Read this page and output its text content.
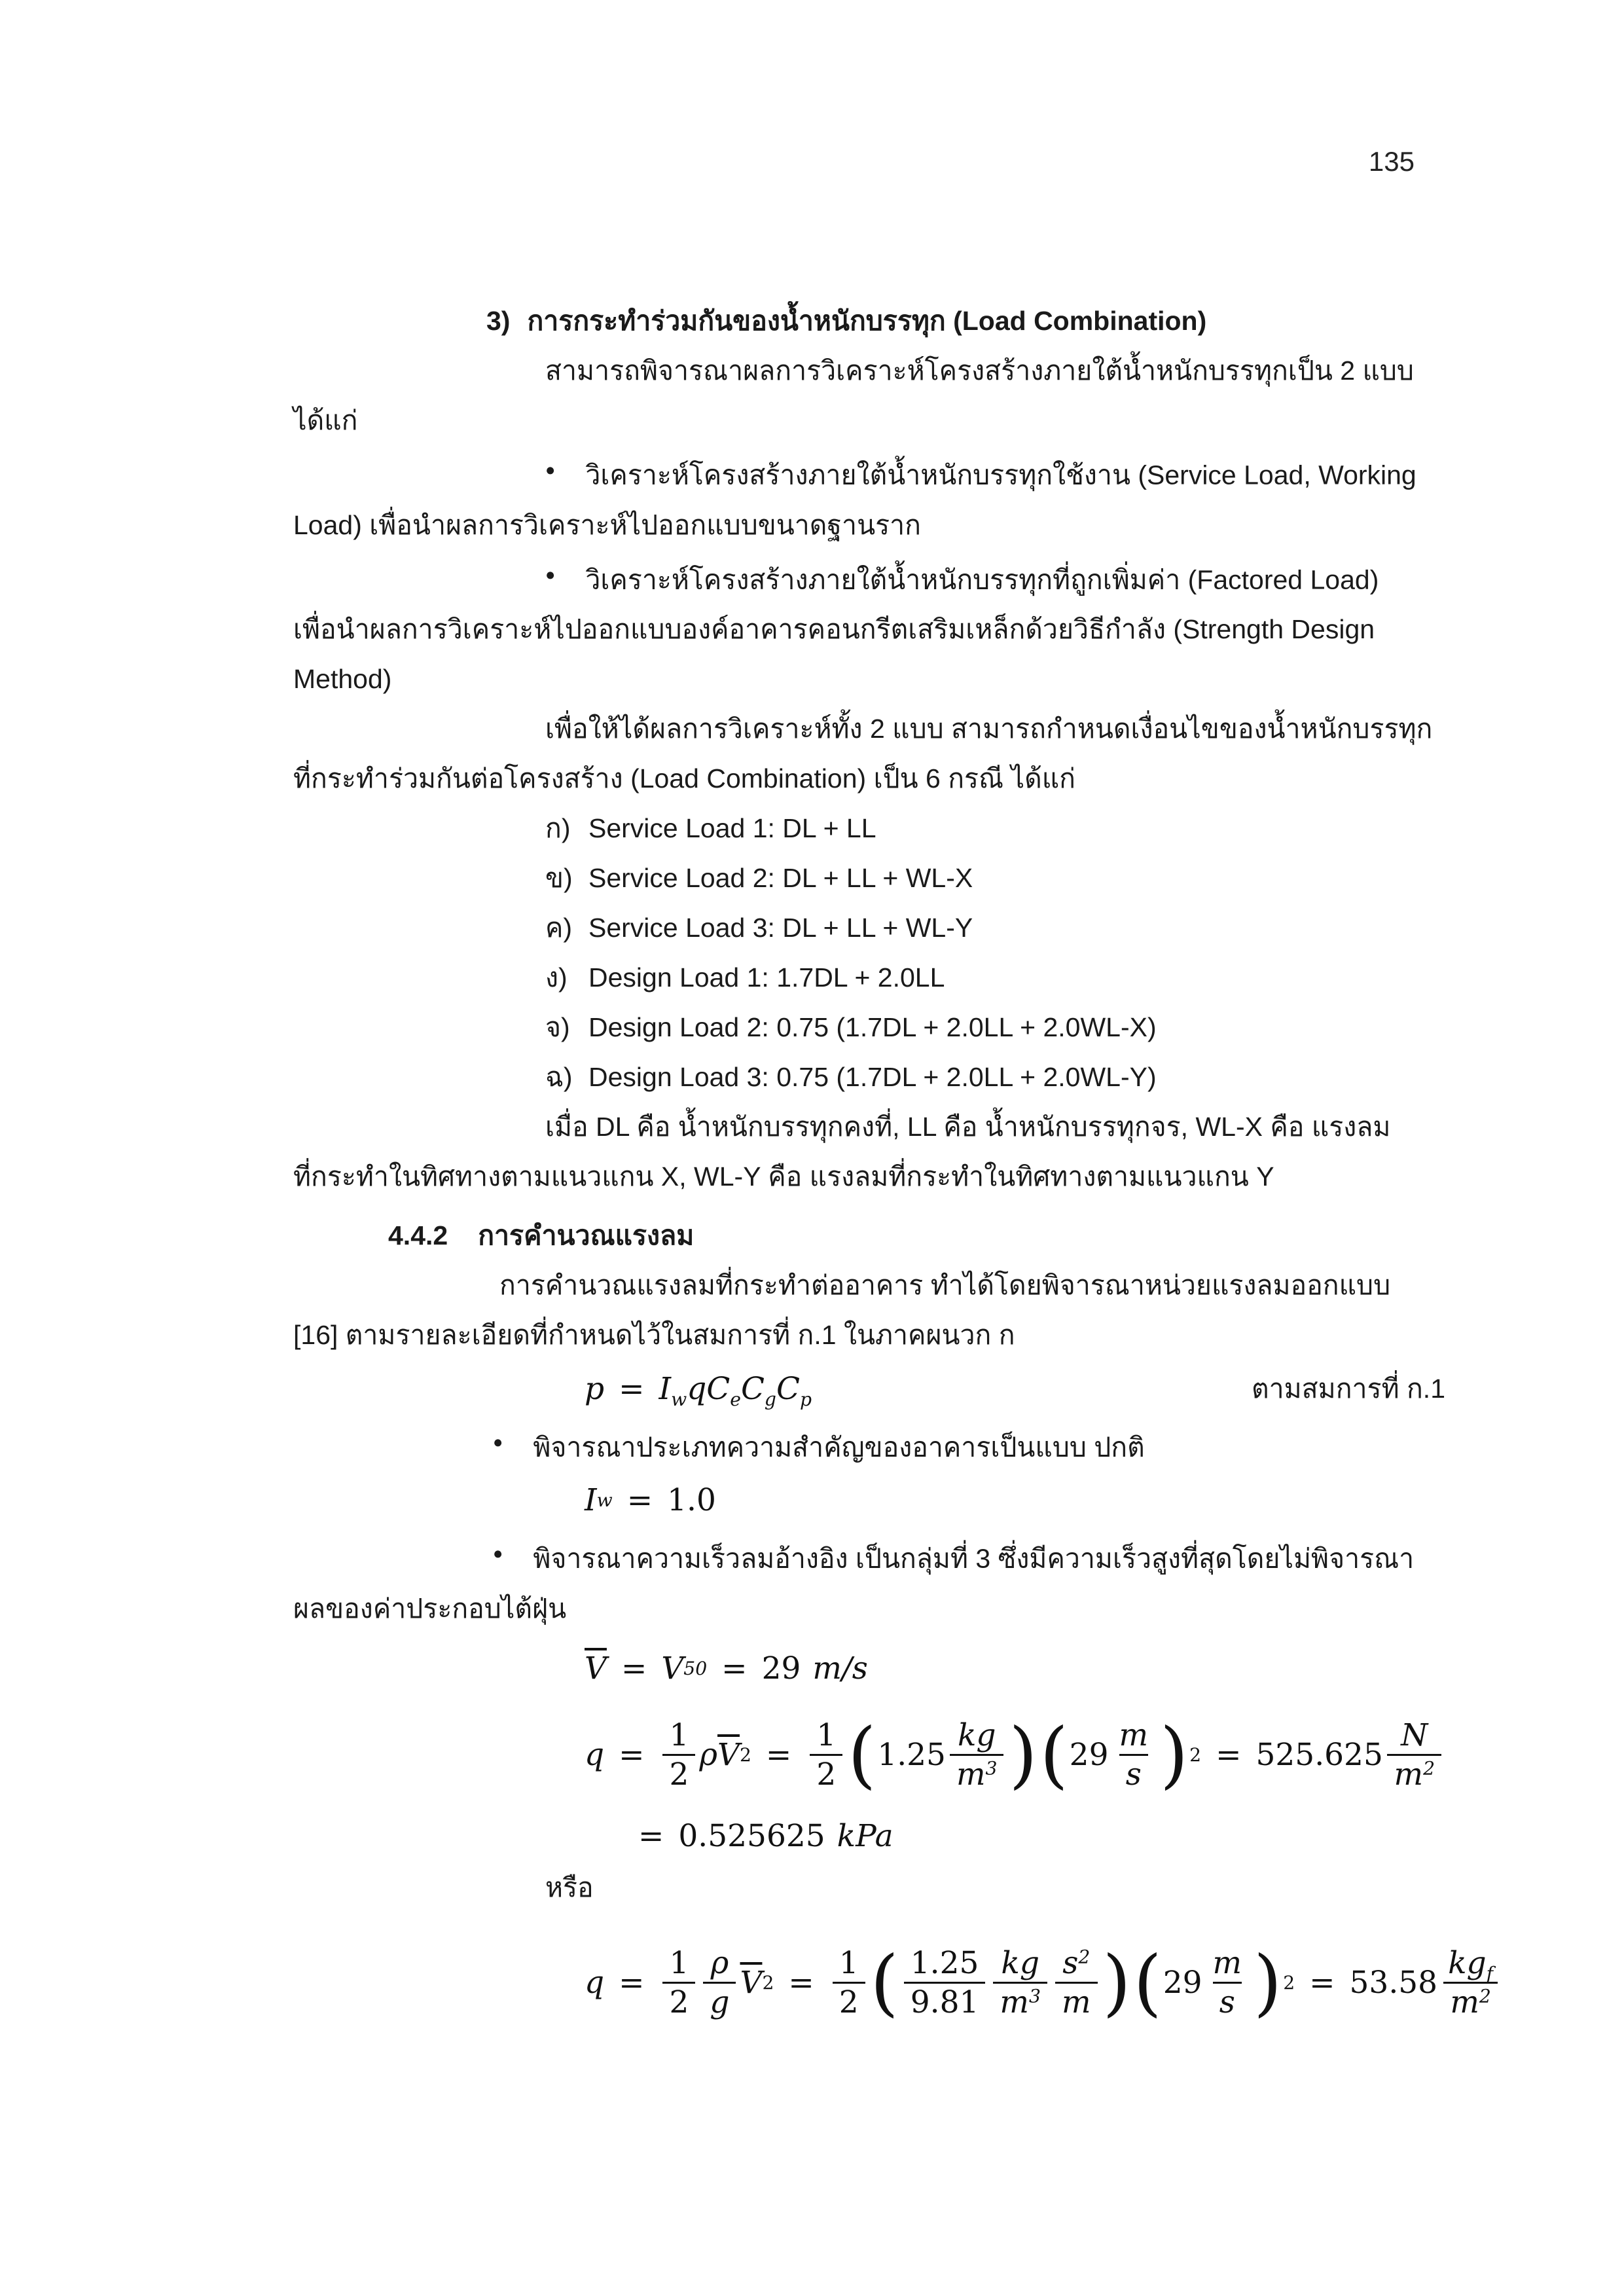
135
3) การกระทำร่วมกันของน้ำหนักบรรทุก (Load Combination)
สามารถพิจารณาผลการวิเคราะห์โครงสร้างภายใต้น้ำหนักบรรทุกเป็น 2 แบบ
ได้แก่
● วิเคราะห์โครงสร้างภายใต้น้ำหนักบรรทุกใช้งาน (Service Load, Working
Load) เพื่อนำผลการวิเคราะห์ไปออกแบบขนาดฐานราก
● วิเคราะห์โครงสร้างภายใต้น้ำหนักบรรทุกที่ถูกเพิ่มค่า (Factored Load)
เพื่อนำผลการวิเคราะห์ไปออกแบบองค์อาคารคอนกรีตเสริมเหล็กด้วยวิธีกำลัง (Strength Design
Method)
เพื่อให้ได้ผลการวิเคราะห์ทั้ง 2 แบบ สามารถกำหนดเงื่อนไขของน้ำหนักบรรทุก
ที่กระทำร่วมกันต่อโครงสร้าง (Load Combination) เป็น 6 กรณี ได้แก่
ก) Service Load 1: DL + LL
ข) Service Load 2: DL + LL + WL-X
ค) Service Load 3: DL + LL + WL-Y
ง) Design Load 1: 1.7DL + 2.0LL
จ) Design Load 2: 0.75 (1.7DL + 2.0LL + 2.0WL-X)
ฉ) Design Load 3: 0.75 (1.7DL + 2.0LL + 2.0WL-Y)
เมื่อ DL คือ น้ำหนักบรรทุกคงที่, LL คือ น้ำหนักบรรทุกจร, WL-X คือ แรงลม
ที่กระทำในทิศทางตามแนวแกน X, WL-Y คือ แรงลมที่กระทำในทิศทางตามแนวแกน Y
4.4.2 การคำนวณแรงลม
การคำนวณแรงลมที่กระทำต่ออาคาร ทำได้โดยพิจารณาหน่วยแรงลมออกแบบ
[16] ตามรายละเอียดที่กำหนดไว้ในสมการที่ ก.1 ในภาคผนวก ก
$p = I_wqC_eC_gC_p$	ตามสมการที่ ก.1
● พิจารณาประเภทความสำคัญของอาคารเป็นแบบ ปกติ
I w = 1.0
● พิจารณาความเร็วลมอ้างอิง เป็นกลุ่มที่ 3 ซึ่งมีความเร็วสูงที่สุดโดยไม่พิจารณา
ผลของค่าประกอบไต้ฝุ่น
$\overline{V} = V$ 50 = 29 m/s
$q = \frac{1}{2}$ ρ $\overline{V}$ $2 = \frac{1}{2}$ ( $1.25 \frac{kg}{m^3}$ ) ( $29 \frac{m}{s}$ ) $2 = 525.625 \frac{N}{m^2}$
= 0.525625 kPa
หรือ
$q = \frac{1}{2} \frac{\rho}{g} \overline{V}$ $2 = \frac{1}{2}$ ( $\frac{1.25}{9.81} \frac{kg}{m^3} \frac{s^2}{m}$ ) ( $29 \frac{m}{s}$ ) $2 = 53.58 \frac{kg_f}{m^2}$
